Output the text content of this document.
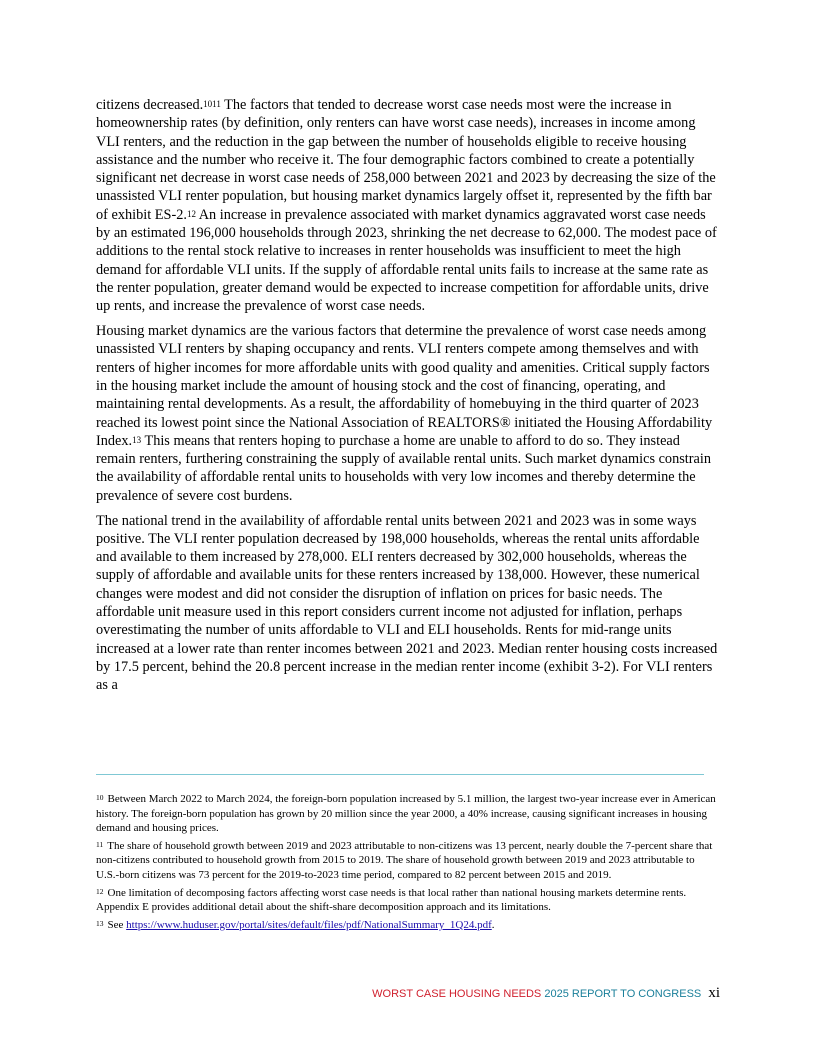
citizens decreased.$^{1011}$ The factors that tended to decrease worst case needs most were the increase in homeownership rates (by definition, only renters can have worst case needs), increases in income among VLI renters, and the reduction in the gap between the number of households eligible to receive housing assistance and the number who receive it. The four demographic factors combined to create a potentially significant net decrease in worst case needs of 258,000 between 2021 and 2023 by decreasing the size of the unassisted VLI renter population, but housing market dynamics largely offset it, represented by the fifth bar of exhibit ES-2.12 An increase in prevalence associated with market dynamics aggravated worst case needs by an estimated 196,000 households through 2023, shrinking the net decrease to 62,000. The modest pace of additions to the rental stock relative to increases in renter households was insufficient to meet the high demand for affordable VLI units. If the supply of affordable rental units fails to increase at the same rate as the renter population, greater demand would be expected to increase competition for affordable units, drive up rents, and increase the prevalence of worst case needs.

Housing market dynamics are the various factors that determine the prevalence of worst case needs among unassisted VLI renters by shaping occupancy and rents. VLI renters compete among themselves and with renters of higher incomes for more affordable units with good quality and amenities. Critical supply factors in the housing market include the amount of housing stock and the cost of financing, operating, and maintaining rental developments. As a result, the affordability of homebuying in the third quarter of 2023 reached its lowest point since the National Association of REALTORS® initiated the Housing Affordability Index.$^{13}$ This means that renters hoping to purchase a home are unable to afford to do so. They instead remain renters, furthering constraining the supply of available rental units. Such market dynamics constrain the availability of affordable rental units to households with very low incomes and thereby determine the prevalence of severe cost burdens.

The national trend in the availability of affordable rental units between 2021 and 2023 was in some ways positive. The VLI renter population decreased by 198,000 households, whereas the rental units affordable and available to them increased by 278,000. ELI renters decreased by 302,000 households, whereas the supply of affordable and available units for these renters increased by 138,000. However, these numerical changes were modest and did not consider the disruption of inflation on prices for basic needs. The affordable unit measure used in this report considers current income not adjusted for inflation, perhaps overestimating the number of units affordable to VLI and ELI households. Rents for mid-range units increased at a lower rate than renter incomes between 2021 and 2023. Median renter housing costs increased by 17.5 percent, behind the 20.8 percent increase in the median renter income (exhibit 3-2). For VLI renters as a

$^{10}$ Between March 2022 to March 2024, the foreign-born population increased by 5.1 million, the largest two-year increase ever in American history. The foreign-born population has grown by 20 million since the year 2000, a 40% increase, causing significant increases in housing demand and housing prices.

$^{11}$ The share of household growth between 2019 and 2023 attributable to non-citizens was 13 percent, nearly double the 7-percent share that non-citizens contributed to household growth from 2015 to 2019. The share of household growth between 2019 and 2023 attributable to U.S.-born citizens was 73 percent for the 2019-to-2023 time period, compared to 82 percent between 2015 and 2019.

$^{12}$ One limitation of decomposing factors affecting worst case needs is that local rather than national housing markets determine rents. Appendix E provides additional detail about the shift-share decomposition approach and its limitations.

$^{13}$ See https://www.huduser.gov/portal/sites/default/files/pdf/NationalSummary_1Q24.pdf.

WORST CASE HOUSING NEEDS 2025 REPORT TO CONGRESS xi
